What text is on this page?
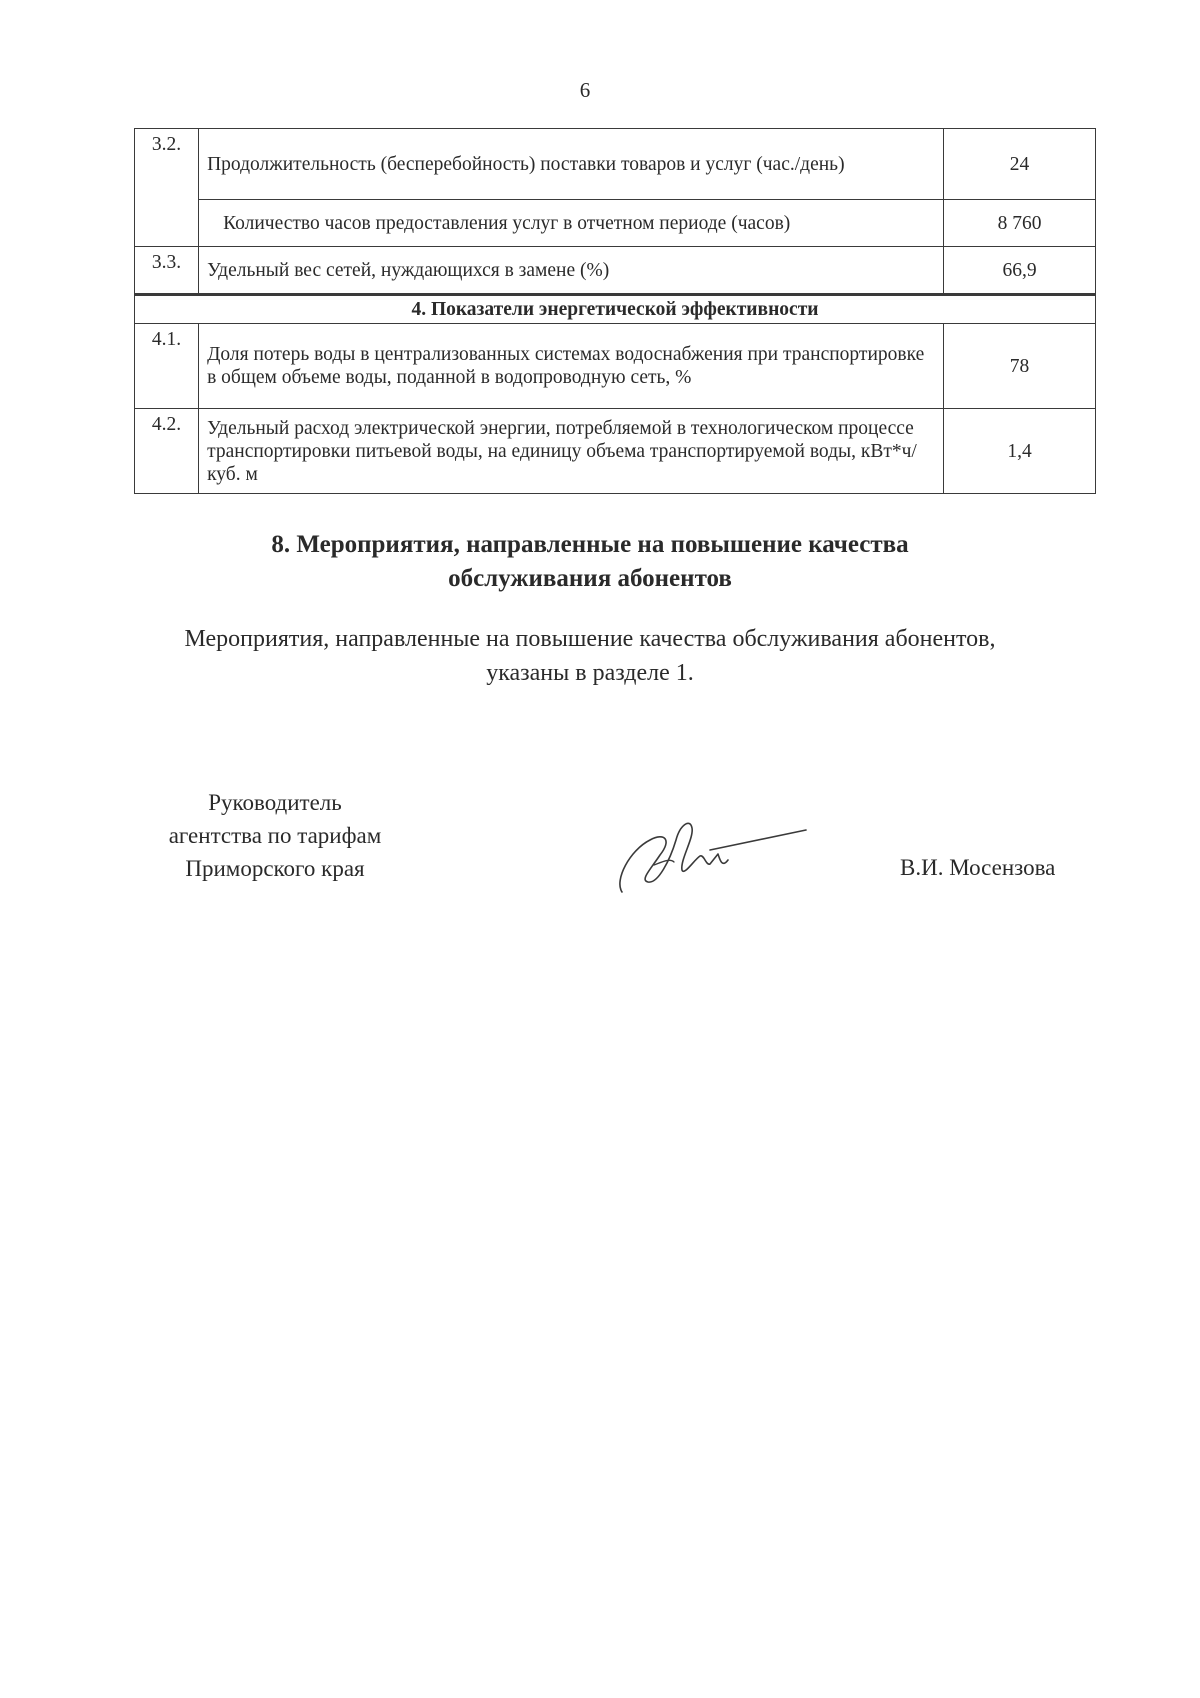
6
3.2.	Продолжительность (бесперебойность) поставки товаров и услуг (час./день)	24
	Количество часов предоставления услуг в отчетном периоде (часов)	8 760
3.3.	Удельный вес сетей, нуждающихся в замене (%)	66,9
4. Показатели энергетической эффективности		
4.1.	Доля потерь воды в централизованных системах водоснабжения при транспортировке в общем объеме воды, поданной в водопроводную сеть, %	78
4.2.	Удельный расход электрической энергии, потребляемой в технологическом процессе транспортировки питьевой воды, на единицу объема транспортируемой воды, кВт*ч/куб. м	1,4
8. Мероприятия, направленные на повышение качества
обслуживания абонентов
Мероприятия, направленные на повышение качества обслуживания абонентов,
указаны в разделе 1.
Руководитель
агентства по тарифам
Приморского края	В.И. Мосензова
